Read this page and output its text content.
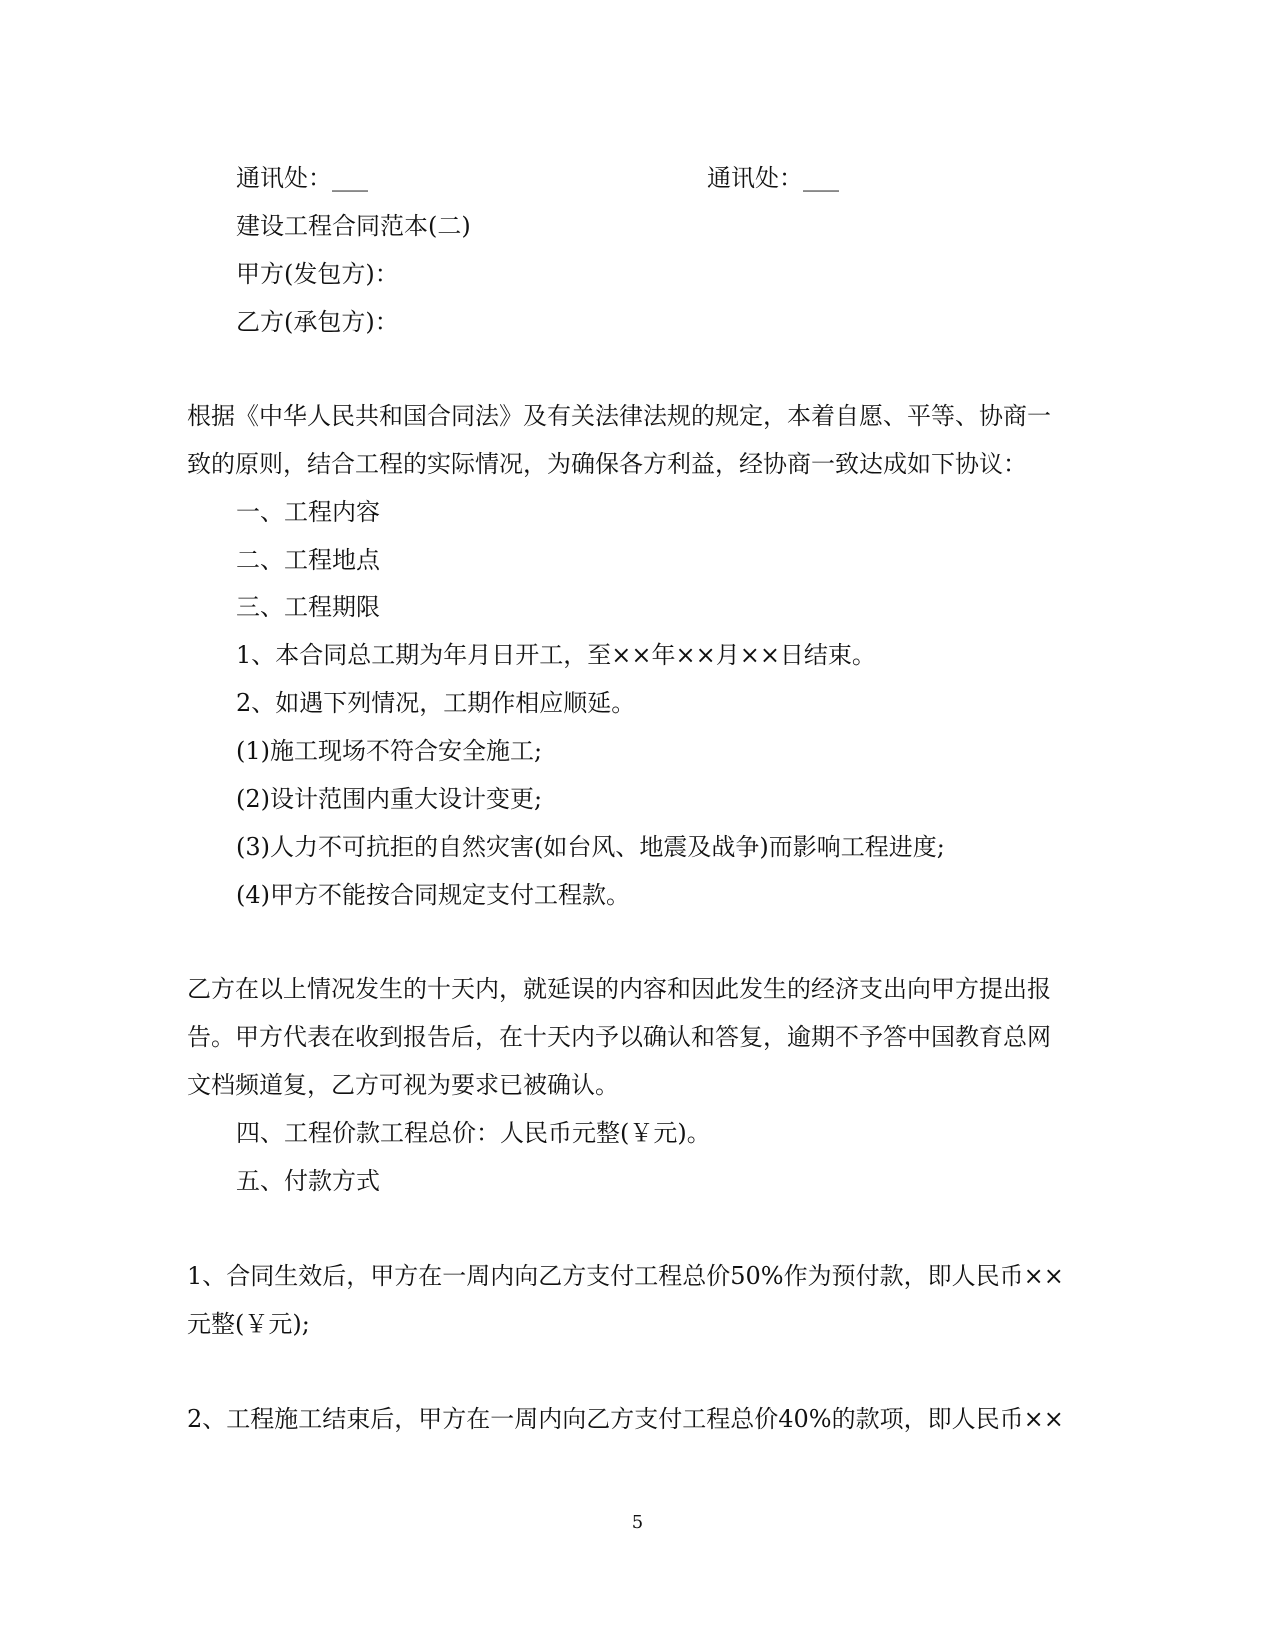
通讯处：___	通讯处：___
建设工程合同范本(二)
甲方(发包方)：
乙方(承包方)：
根据《中华人民共和国合同法》及有关法律法规的规定，本着自愿、平等、协商一
致的原则，结合工程的实际情况，为确保各方利益，经协商一致达成如下协议：
一、工程内容
二、工程地点
三、工程期限
1、本合同总工期为年月日开工，至××年××月××日结束。
2、如遇下列情况，工期作相应顺延。
(1)施工现场不符合安全施工;
(2)设计范围内重大设计变更;
(3)人力不可抗拒的自然灾害(如台风、地震及战争)而影响工程进度;
(4)甲方不能按合同规定支付工程款。
乙方在以上情况发生的十天内，就延误的内容和因此发生的经济支出向甲方提出报
告。甲方代表在收到报告后，在十天内予以确认和答复，逾期不予答中国教育总网
文档频道复，乙方可视为要求已被确认。
四、工程价款工程总价：人民币元整(￥元)。
五、付款方式
1、合同生效后，甲方在一周内向乙方支付工程总价50%作为预付款，即人民币××
元整(￥元);
2、工程施工结束后，甲方在一周内向乙方支付工程总价40%的款项，即人民币××
5
